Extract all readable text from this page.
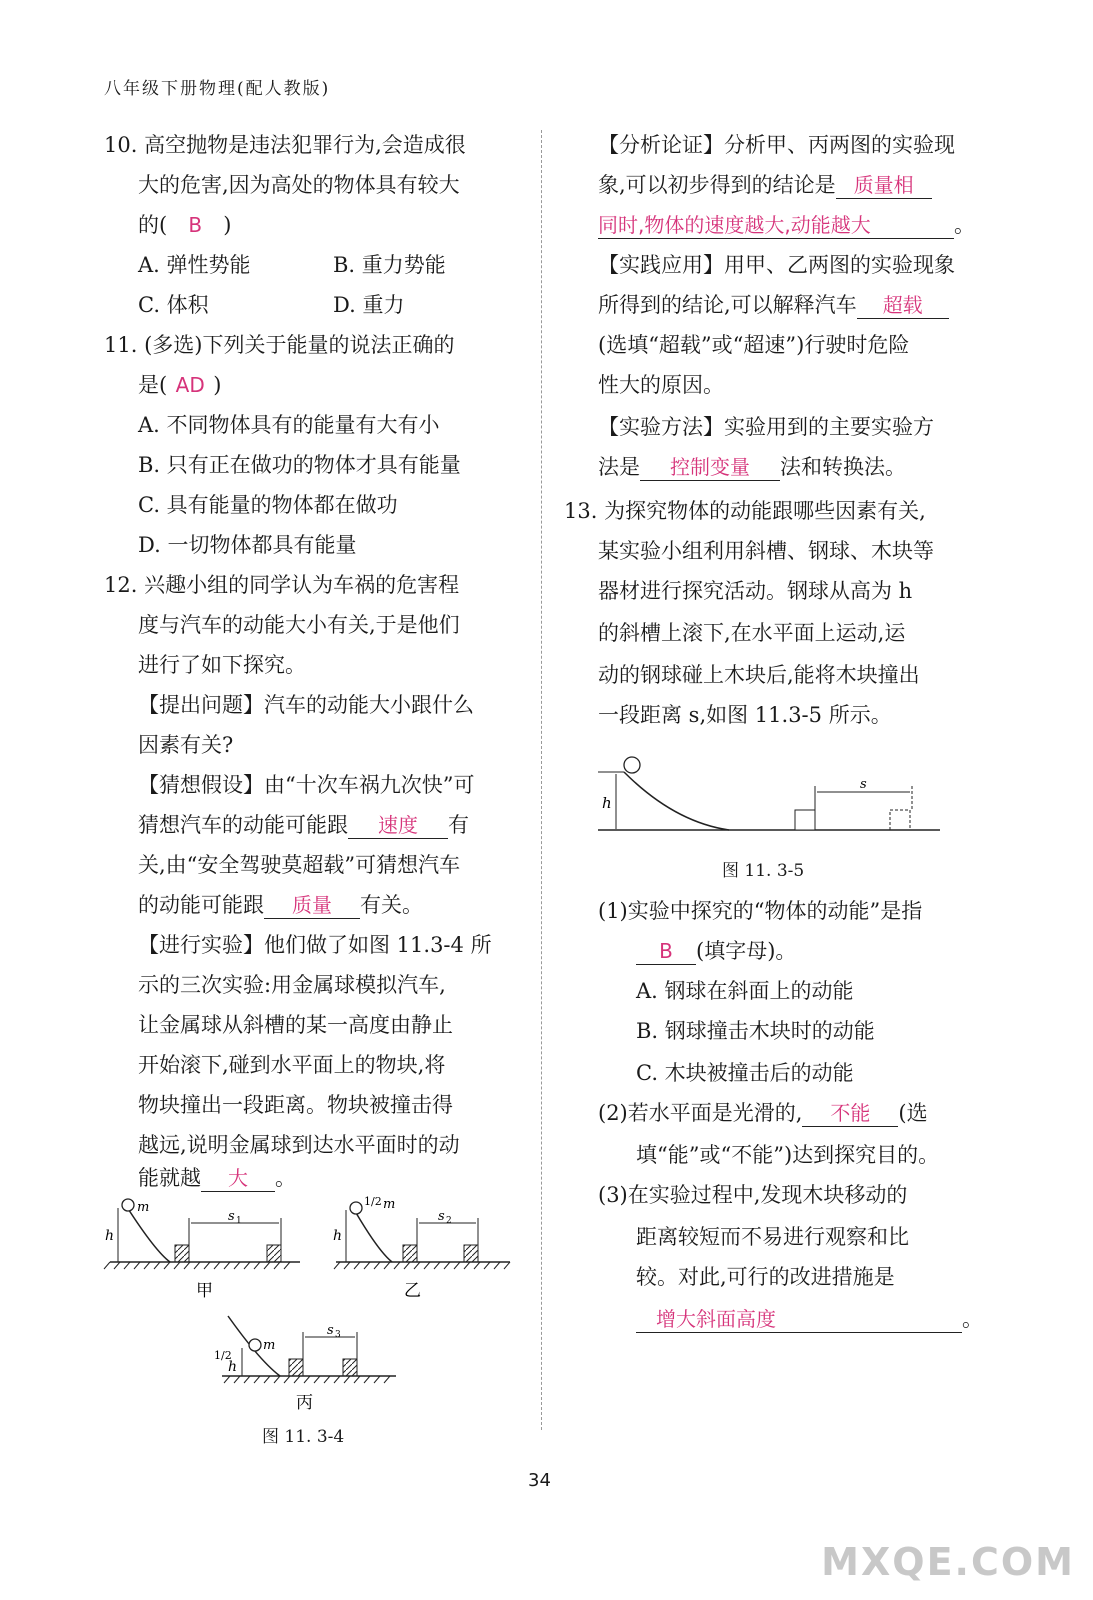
八年级下册物理(配人教版)
10. 高空抛物是违法犯罪行为,会造成很
大的危害,因为高处的物体具有较大
的( B )
A. 弹性势能	B. 重力势能
C. 体积	D. 重力
11. (多选)下列关于能量的说法正确的
是( AD )
A. 不同物体具有的能量有大有小
B. 只有正在做功的物体才具有能量
C. 具有能量的物体都在做功
D. 一切物体都具有能量
12. 兴趣小组的同学认为车祸的危害程
度与汽车的动能大小有关,于是他们
进行了如下探究。
【提出问题】汽车的动能大小跟什么
因素有关?
【猜想假设】由“十次车祸九次快”可
猜想汽车的动能可能跟 速度 有
关,由“安全驾驶莫超载”可猜想汽车
的动能可能跟 质量 有关。
【进行实验】他们做了如图 11.3-4 所
示的三次实验:用金属球模拟汽车,
让金属球从斜槽的某一高度由静止
开始滚下,碰到水平面上的物块,将
物块撞出一段距离。物块被撞击得
越远,说明金属球到达水平面时的动
能就越 大 。
m
h
s 1
甲
1/2 m
h
s 2
乙
m
1/2
h
s 3
丙
图 11. 3-4
【分析论证】分析甲、丙两图的实验现
象,可以初步得到的结论是 质量相
同时,物体的速度越大,动能越大	。
【实践应用】用甲、乙两图的实验现象
所得到的结论,可以解释汽车 超载
(选填“超载”或“超速”)行驶时危险
性大的原因。
【实验方法】实验用到的主要实验方
法是 控制变量 法和转换法。
13. 为探究物体的动能跟哪些因素有关,
某实验小组利用斜槽、钢球、木块等
器材进行探究活动。钢球从高为 h
的斜槽上滚下,在水平面上运动,运
动的钢球碰上木块后,能将木块撞出
一段距离 s,如图 11.3-5 所示。
h
s
图 11. 3-5
(1)实验中探究的“物体的动能”是指
B (填字母)。
A. 钢球在斜面上的动能
B. 钢球撞击木块时的动能
C. 木块被撞击后的动能
(2)若水平面是光滑的, 不能 (选
填“能”或“不能”)达到探究目的。
(3)在实验过程中,发现木块移动的
距离较短而不易进行观察和比
较。对此,可行的改进措施是
增大斜面高度	。
34
MXQE.COM
